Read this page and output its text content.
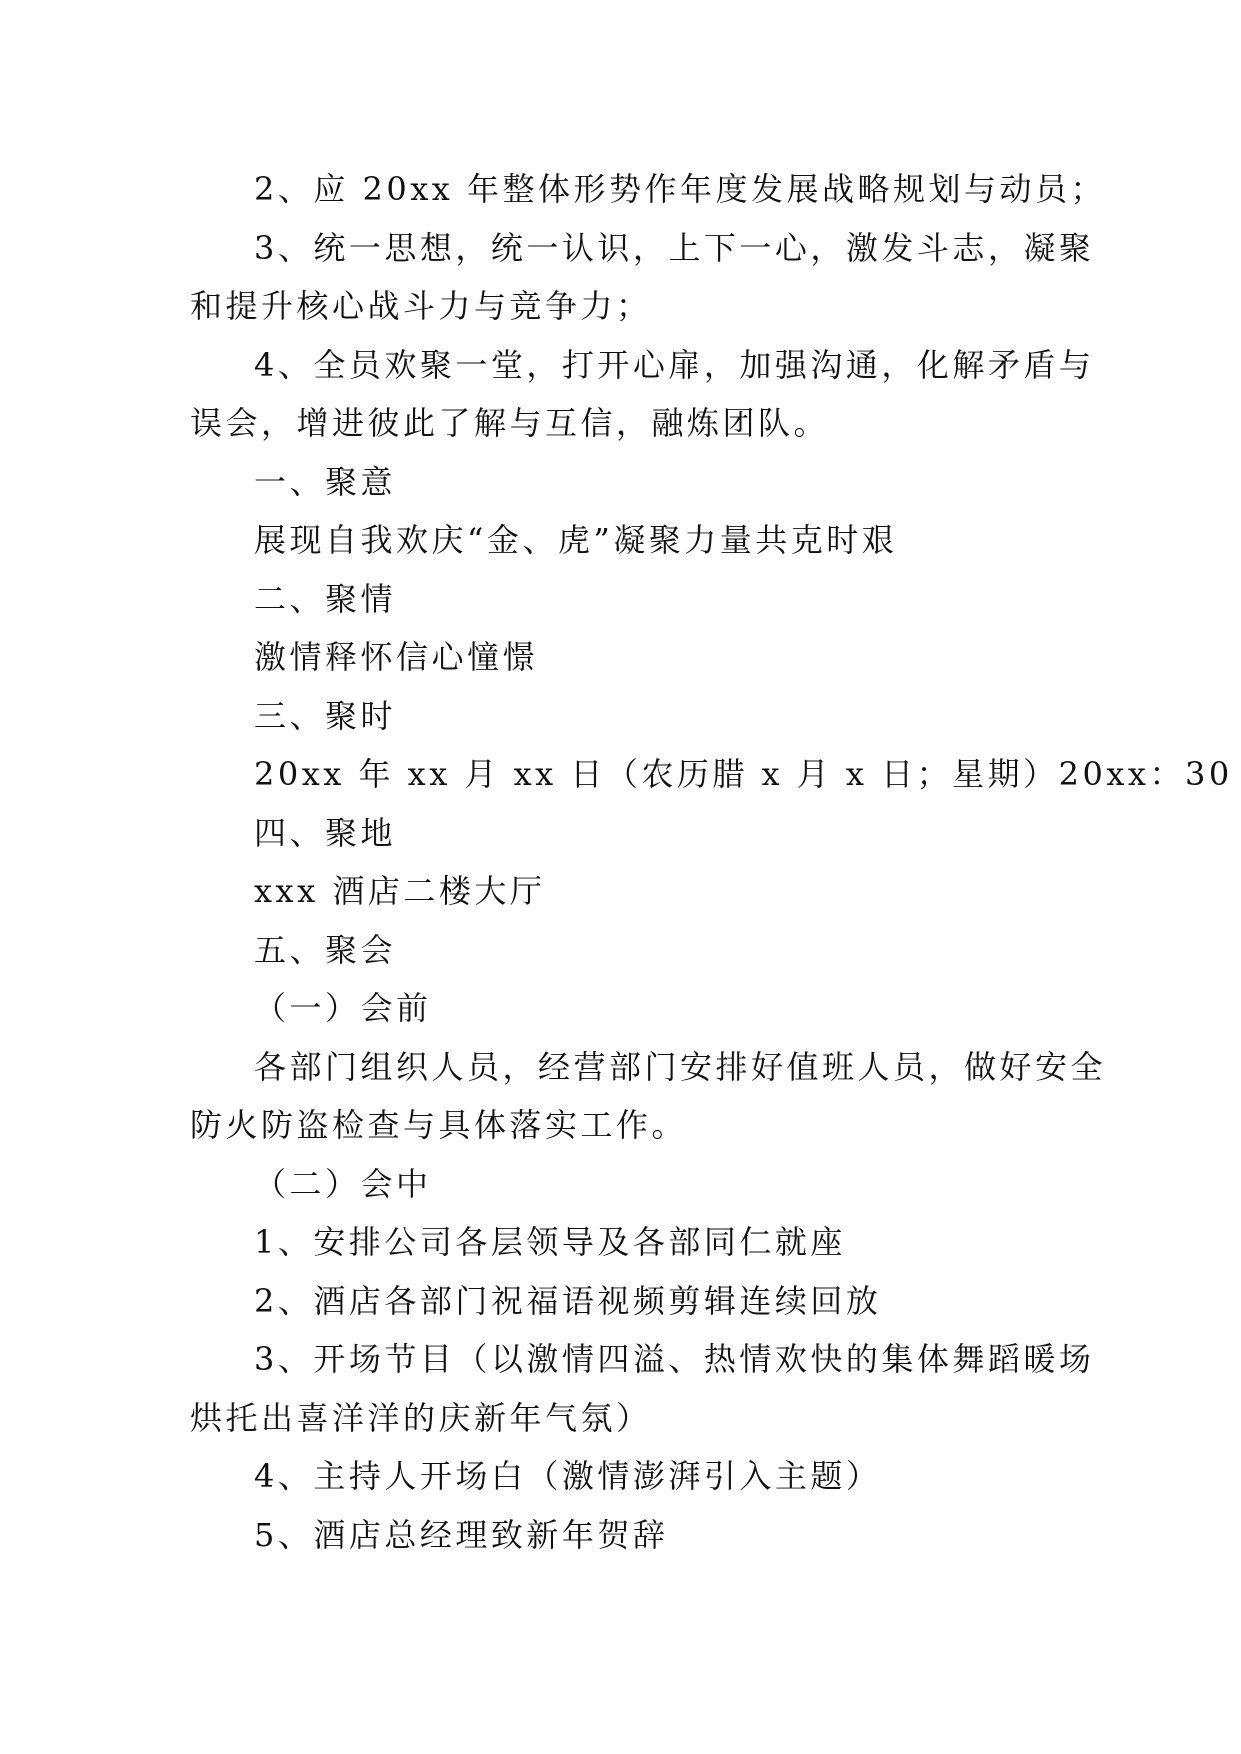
2、应 20xx 年整体形势作年度发展战略规划与动员；
3、统一思想，统一认识，上下一心，激发斗志，凝聚
和提升核心战斗力与竞争力；
4、全员欢聚一堂，打开心扉，加强沟通，化解矛盾与
误会，增进彼此了解与互信，融炼团队。
一、聚意
展现自我欢庆“金、虎”凝聚力量共克时艰
二、聚情
激情释怀信心憧憬
三、聚时
20xx 年 xx 月 xx 日（农历腊 x 月 x 日；星期）20xx：30
四、聚地
xxx 酒店二楼大厅
五、聚会
（一）会前
各部门组织人员，经营部门安排好值班人员，做好安全
防火防盗检查与具体落实工作。
（二）会中
1、安排公司各层领导及各部同仁就座
2、酒店各部门祝福语视频剪辑连续回放
3、开场节目（以激情四溢、热情欢快的集体舞蹈暖场
烘托出喜洋洋的庆新年气氛）
4、主持人开场白（激情澎湃引入主题）
5、酒店总经理致新年贺辞
